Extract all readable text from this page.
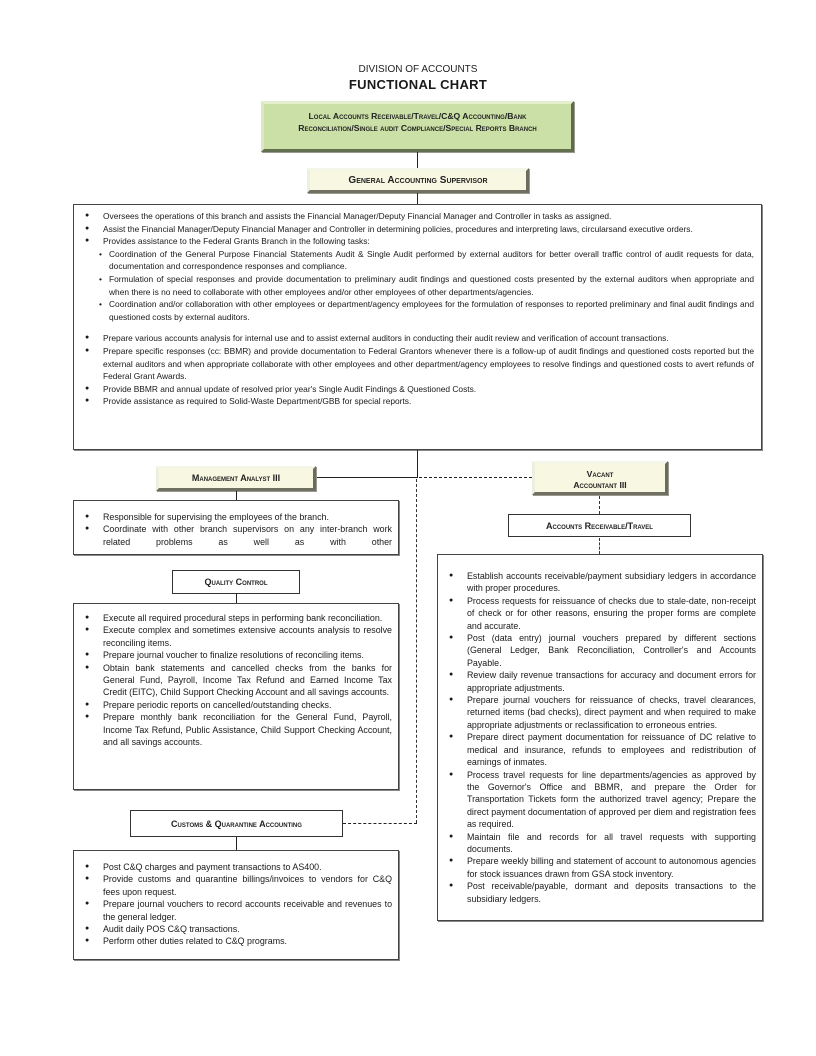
DIVISION OF ACCOUNTS
FUNCTIONAL CHART
Local Accounts Receivable/Travel/C&Q Accounting/Bank Reconciliation/Single audit Compliance/Special Reports Branch
General Accounting Supervisor
● Oversees the operations of this branch and assists the Financial Manager/Deputy Financial Manager and Controller in tasks as assigned.
● Assist the Financial Manager/Deputy Financial Manager and Controller in determining policies, procedures and interpreting laws, circularsand executive orders.
● Provides assistance to the Federal Grants Branch in the following tasks:
• Coordination of the General Purpose Financial Statements Audit & Single Audit performed by external auditors for better overall traffic control of audit requests for data, documentation and correspondence responses and compliance.
• Formulation of special responses and provide documentation to preliminary audit findings and questioned costs presented by the external auditors when appropriate and when there is no need to collaborate with other employees and/or other employees of other departments/agencies.
• Coordination and/or collaboration with other employees or department/agency employees for the formulation of responses to reported preliminary and final audit findings and questioned costs by external auditors.
● Prepare various accounts analysis for internal use and to assist external auditors in conducting their audit review and verification of account transactions.
● Prepare specific responses (cc: BBMR) and provide documentation to Federal Grantors whenever there is a follow-up of audit findings and questioned costs reported but the external auditors and when appropriate collaborate with other employees and other department/agency employees to resolve findings and questioned costs to avert refunds of Federal Grant Awards.
● Provide BBMR and annual update of resolved prior year's Single Audit Findings & Questioned Costs.
● Provide assistance as required to Solid-Waste Department/GBB for special reports.
Management Analyst III
● Responsible for supervising the employees of the branch.
● Coordinate with other branch supervisors on any inter-branch work related problems as well as with other
Quality Control
● Execute all required procedural steps in performing bank reconciliation.
● Execute complex and sometimes extensive accounts analysis to resolve reconciling items.
● Prepare journal voucher to finalize resolutions of reconciling items.
● Obtain bank statements and cancelled checks from the banks for General Fund, Payroll, Income Tax Refund and Earned Income Tax Credit (EITC), Child Support Checking Account and all savings accounts.
● Prepare periodic reports on cancelled/outstanding checks.
● Prepare monthly bank reconciliation for the General Fund, Payroll, Income Tax Refund, Public Assistance, Child Support Checking Account, and all savings accounts.
Customs & Quarantine Accounting
● Post C&Q charges and payment transactions to AS400.
● Provide customs and quarantine billings/invoices to vendors for C&Q fees upon request.
● Prepare journal vouchers to record accounts receivable and revenues to the general ledger.
● Audit daily POS C&Q transactions.
● Perform other duties related to C&Q programs.
Vacant
Accountant III
Accounts Receivable/Travel
● Establish accounts receivable/payment subsidiary ledgers in accordance with proper procedures.
● Process requests for reissuance of checks due to stale-date, non-receipt of check or for other reasons, ensuring the proper forms are complete and accurate.
● Post (data entry) journal vouchers prepared by different sections (General Ledger, Bank Reconciliation, Controller's and Accounts Payable.
● Review daily revenue transactions for accuracy and document errors for appropriate adjustments.
● Prepare journal vouchers for reissuance of checks, travel clearances, returned items (bad checks), direct payment and when required to make appropriate adjustments or reclassification to erroneous entries.
● Prepare direct payment documentation for reissuance of DC relative to medical and insurance, refunds to employees and redistribution of earnings of inmates.
● Process travel requests for line departments/agencies as approved by the Governor's Office and BBMR, and prepare the Order for Transportation Tickets form the authorized travel agency; Prepare the direct payment documentation of approved per diem and registration fees as required.
● Maintain file and records for all travel requests with supporting documents.
● Prepare weekly billing and statement of account to autonomous agencies for stock issuances drawn from GSA stock inventory.
● Post receivable/payable, dormant and deposits transactions to the subsidiary ledgers.
